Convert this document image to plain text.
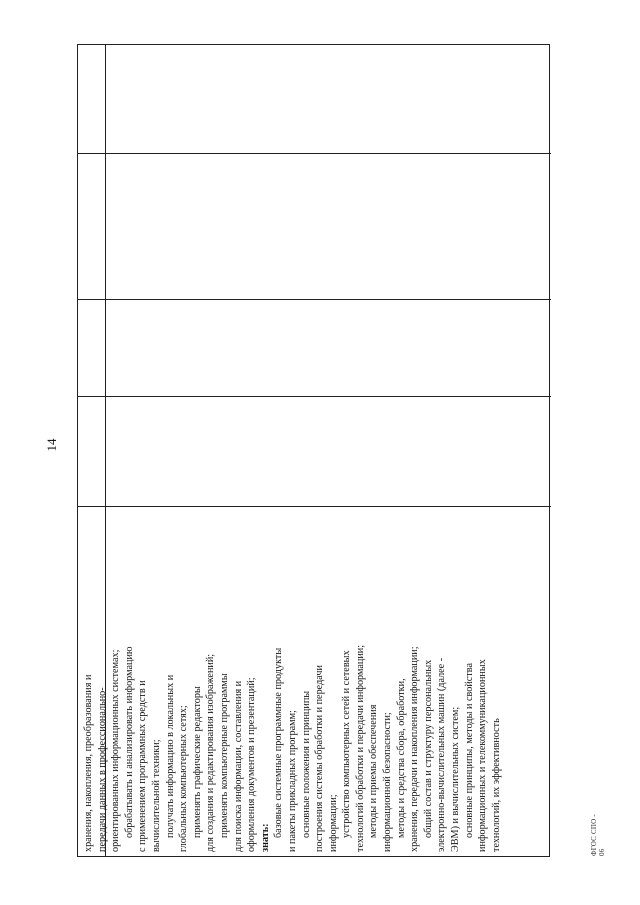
14
хранения, накопления, преобразования и передачи данных в профессионально- ориентированных информационных системах; обрабатывать и анализировать информацию с применением программных средств и вычислительной техники; получать информацию в локальных и глобальных компьютерных сетях; применять графические редакторы для создания и редактирования изображений; применять компьютерные программы для поиска информации, составления и оформления документов и презентаций; знать: базовые системные программные продукты и пакеты прикладных программ; основные положения и принципы построения системы обработки и передачи информации; устройство компьютерных сетей и сетевых технологий обработки и передачи информации; методы и приемы обеспечения информационной безопасности; методы и средства сбора, обработки, хранения, передачи и накопления информации; общий состав и структуру персональных электронно-вычислительных машин (далее - ЭВМ) и вычислительных систем; основные принципы, методы и свойства информационных и телекоммуникационных технологий, их эффективность	ФГОС СПО - 06
